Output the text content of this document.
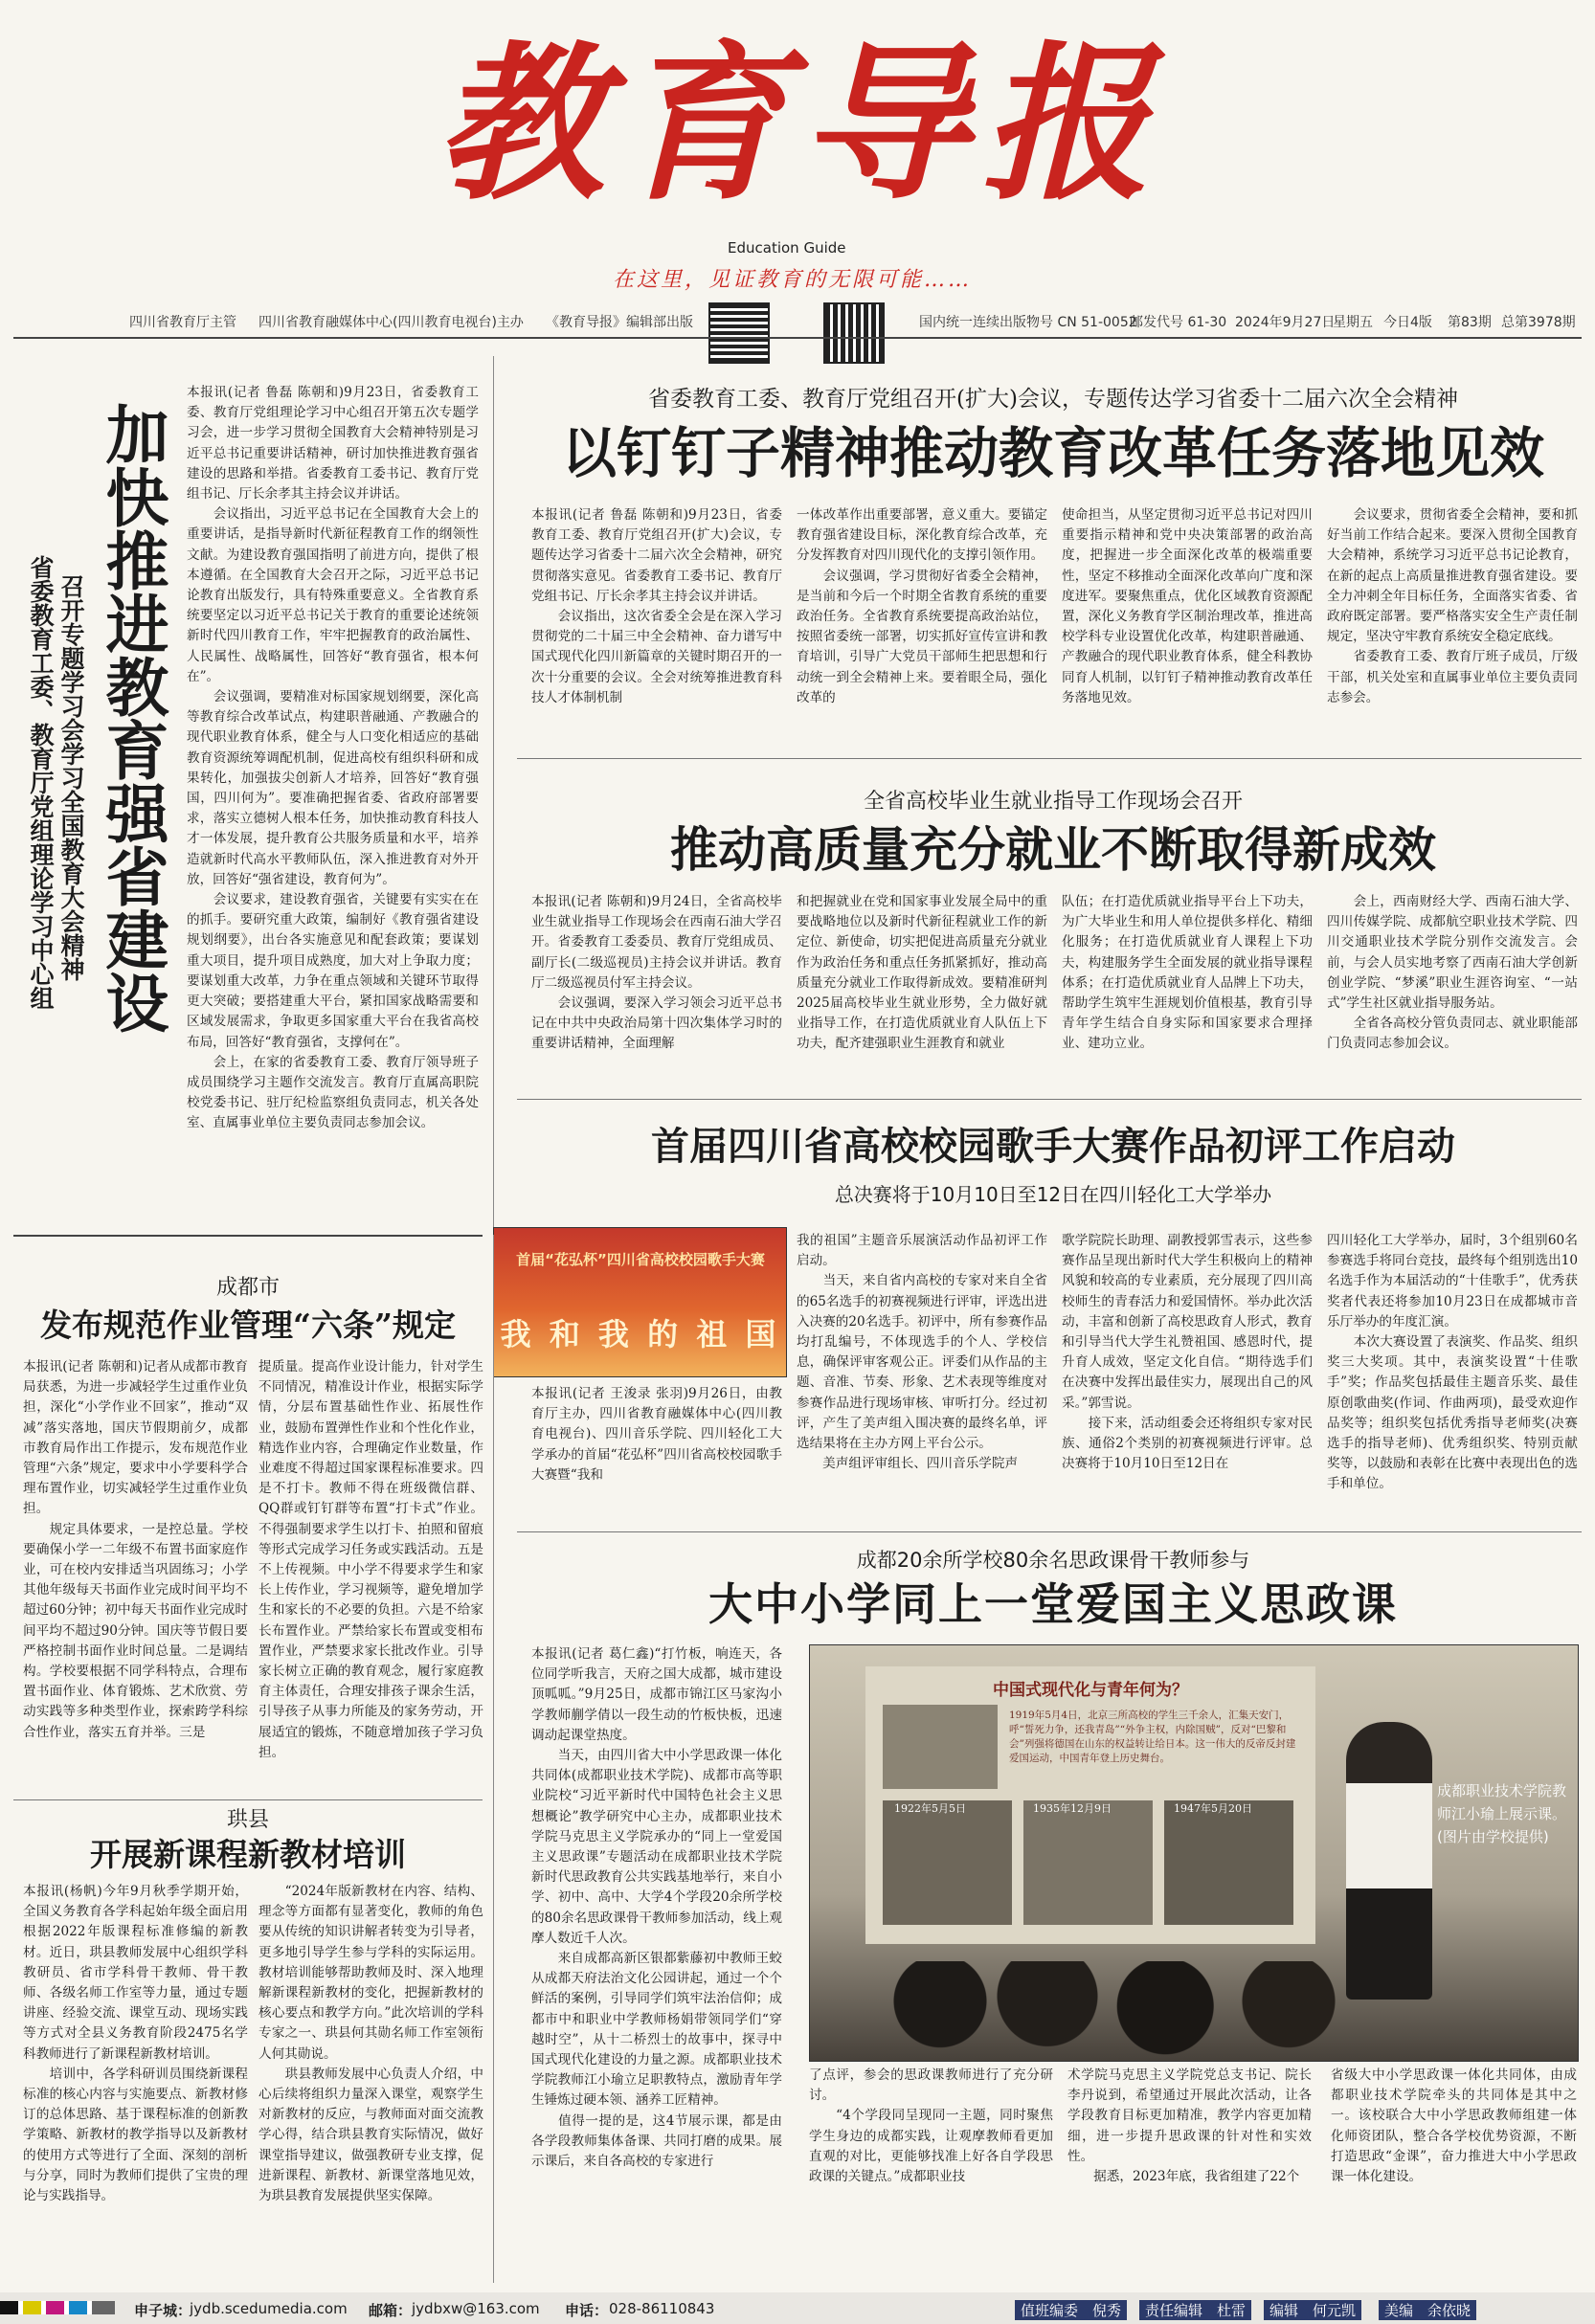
教育导报
Education Guide
在这里，见证教育的无限可能……
四川省教育厅主管 四川省教育融媒体中心(四川教育电视台)主办 《教育导报》编辑部出版	国内统一连续出版物号 CN 51-0052
邮发代号 61-30 2024年9月27日
星期五 今日4版 第83期 总第3978期
加快推进教育强省建设
召开专题学习会学习全国教育大会精神
省委教育工委、教育厅党组理论学习中心组
本报讯(记者 鲁磊 陈朝和)9月23日，省委教育工委、教育厅党组理论学习中心组召开第五次专题学习会，进一步学习贯彻全国教育大会精神特别是习近平总书记重要讲话精神，研讨加快推进教育强省建设的思路和举措。省委教育工委书记、教育厅党组书记、厅长余孝其主持会议并讲话。
　　会议指出，习近平总书记在全国教育大会上的重要讲话，是指导新时代新征程教育工作的纲领性文献。为建设教育强国指明了前进方向，提供了根本遵循。在全国教育大会召开之际，习近平总书记论教育出版发行，具有特殊重要意义。全省教育系统要坚定以习近平总书记关于教育的重要论述统领新时代四川教育工作，牢牢把握教育的政治属性、人民属性、战略属性，回答好“教育强省，根本何在”。
　　会议强调，要精准对标国家规划纲要，深化高等教育综合改革试点，构建职普融通、产教融合的现代职业教育体系，健全与人口变化相适应的基础教育资源统筹调配机制，促进高校有组织科研和成果转化，加强拔尖创新人才培养，回答好“教育强国，四川何为”。要准确把握省委、省政府部署要求，落实立德树人根本任务，加快推动教育科技人才一体发展，提升教育公共服务质量和水平，培养造就新时代高水平教师队伍，深入推进教育对外开放，回答好“强省建设，教育何为”。
　　会议要求，建设教育强省，关键要有实实在在的抓手。要研究重大政策，编制好《教育强省建设规划纲要》，出台各实施意见和配套政策；要谋划重大项目，提升项目成熟度，加大对上争取力度；要谋划重大改革，力争在重点领域和关键环节取得更大突破；要搭建重大平台，紧扣国家战略需要和区域发展需求，争取更多国家重大平台在我省高校布局，回答好“教育强省，支撑何在”。
　　会上，在家的省委教育工委、教育厅领导班子成员围绕学习主题作交流发言。教育厅直属高职院校党委书记、驻厅纪检监察组负责同志，机关各处室、直属事业单位主要负责同志参加会议。
省委教育工委、教育厅党组召开(扩大)会议，专题传达学习省委十二届六次全会精神
以钉钉子精神推动教育改革任务落地见效
本报讯(记者 鲁磊 陈朝和)9月23日，省委教育工委、教育厅党组召开(扩大)会议，专题传达学习省委十二届六次全会精神，研究贯彻落实意见。省委教育工委书记、教育厅党组书记、厅长余孝其主持会议并讲话。
　　会议指出，这次省委全会是在深入学习贯彻党的二十届三中全会精神、奋力谱写中国式现代化四川新篇章的关键时期召开的一次十分重要的会议。全会对统筹推进教育科技人才体制机制
一体改革作出重要部署，意义重大。要锚定教育强省建设目标，深化教育综合改革，充分发挥教育对四川现代化的支撑引领作用。
　　会议强调，学习贯彻好省委全会精神，是当前和今后一个时期全省教育系统的重要政治任务。全省教育系统要提高政治站位，按照省委统一部署，切实抓好宣传宣讲和教育培训，引导广大党员干部师生把思想和行动统一到全会精神上来。要着眼全局，强化改革的
使命担当，从坚定贯彻习近平总书记对四川重要指示精神和党中央决策部署的政治高度，把握进一步全面深化改革的极端重要性，坚定不移推动全面深化改革向广度和深度进军。要聚焦重点，优化区域教育资源配置，深化义务教育学区制治理改革，推进高校学科专业设置优化改革，构建职普融通、产教融合的现代职业教育体系，健全科教协同育人机制，以钉钉子精神推动教育改革任务落地见效。
　　会议要求，贯彻省委全会精神，要和抓好当前工作结合起来。要深入贯彻全国教育大会精神，系统学习习近平总书记论教育，在新的起点上高质量推进教育强省建设。要全力冲刺全年目标任务，全面落实省委、省政府既定部署。要严格落实安全生产责任制规定，坚决守牢教育系统安全稳定底线。
　　省委教育工委、教育厅班子成员，厅级干部，机关处室和直属事业单位主要负责同志参会。
全省高校毕业生就业指导工作现场会召开
推动高质量充分就业不断取得新成效
本报讯(记者 陈朝和)9月24日，全省高校毕业生就业指导工作现场会在西南石油大学召开。省委教育工委委员、教育厅党组成员、副厅长(二级巡视员)主持会议并讲话。教育厅二级巡视员付军主持会议。
　　会议强调，要深入学习领会习近平总书记在中共中央政治局第十四次集体学习时的重要讲话精神，全面理解
和把握就业在党和国家事业发展全局中的重要战略地位以及新时代新征程就业工作的新定位、新使命，切实把促进高质量充分就业作为政治任务和重点任务抓紧抓好，推动高质量充分就业工作取得新成效。要精准研判2025届高校毕业生就业形势，全力做好就业指导工作，在打造优质就业育人队伍上下功夫，配齐建强职业生涯教育和就业
队伍；在打造优质就业指导平台上下功夫，为广大毕业生和用人单位提供多样化、精细化服务；在打造优质就业育人课程上下功夫，构建服务学生全面发展的就业指导课程体系；在打造优质就业育人品牌上下功夫，帮助学生筑牢生涯规划价值根基，教育引导青年学生结合自身实际和国家要求合理择业、建功立业。
　　会上，西南财经大学、西南石油大学、四川传媒学院、成都航空职业技术学院、四川交通职业技术学院分别作交流发言。会前，与会人员实地考察了西南石油大学创新创业学院、“梦溪”职业生涯咨询室、“一站式”学生社区就业指导服务站。
　　全省各高校分管负责同志、就业职能部门负责同志参加会议。
首届四川省高校校园歌手大赛作品初评工作启动
总决赛将于10月10日至12日在四川轻化工大学举办
首届“花弘杯”四川省高校校园歌手大赛
我 和 我 的 祖 国
本报讯(记者 王浚录 张羽)9月26日，由教育厅主办，四川省教育融媒体中心(四川教育电视台)、四川音乐学院、四川轻化工大学承办的首届“花弘杯”四川省高校校园歌手大赛暨“我和
我的祖国”主题音乐展演活动作品初评工作启动。
　　当天，来自省内高校的专家对来自全省的65名选手的初赛视频进行评审，评选出进入决赛的20名选手。初评中，所有参赛作品均打乱编号，不体现选手的个人、学校信息，确保评审客观公正。评委们从作品的主题、音准、节奏、形象、艺术表现等维度对参赛作品进行现场审核、审听打分。经过初评，产生了美声组入围决赛的最终名单，评选结果将在主办方网上平台公示。
　　美声组评审组长、四川音乐学院声
歌学院院长助理、副教授郭雪表示，这些参赛作品呈现出新时代大学生积极向上的精神风貌和较高的专业素质，充分展现了四川高校师生的青春活力和爱国情怀。举办此次活动，丰富和创新了高校思政育人形式，教育和引导当代大学生礼赞祖国、感恩时代，提升育人成效，坚定文化自信。“期待选手们在决赛中发挥出最佳实力，展现出自己的风采。”郭雪说。
　　接下来，活动组委会还将组织专家对民族、通俗2个类别的初赛视频进行评审。总决赛将于10月10日至12日在
四川轻化工大学举办，届时，3个组别60名参赛选手将同台竞技，最终每个组别选出10名选手作为本届活动的“十佳歌手”，优秀获奖者代表还将参加10月23日在成都城市音乐厅举办的年度汇演。
　　本次大赛设置了表演奖、作品奖、组织奖三大奖项。其中，表演奖设置“十佳歌手”奖；作品奖包括最佳主题音乐奖、最佳原创歌曲奖(作词、作曲两项)，最受欢迎作品奖等；组织奖包括优秀指导老师奖(决赛选手的指导老师)、优秀组织奖、特别贡献奖等，以鼓励和表彰在比赛中表现出色的选手和单位。
成都20余所学校80余名思政课骨干教师参与
大中小学同上一堂爱国主义思政课
本报讯(记者 葛仁鑫)“打竹板，响连天，各位同学听我言，天府之国大成都，城市建设顶呱呱。”9月25日，成都市锦江区马家沟小学教师蒯学倩以一段生动的竹板快板，迅速调动起课堂热度。
　　当天，由四川省大中小学思政课一体化共同体(成都职业技术学院)、成都市高等职业院校“习近平新时代中国特色社会主义思想概论”教学研究中心主办，成都职业技术学院马克思主义学院承办的“同上一堂爱国主义思政课”专题活动在成都职业技术学院新时代思政教育公共实践基地举行，来自小学、初中、高中、大学4个学段20余所学校的80余名思政课骨干教师参加活动，线上观摩人数近千人次。
　　来自成都高新区银都紫藤初中教师王蛟从成都天府法治文化公园讲起，通过一个个鲜活的案例，引导同学们筑牢法治信仰；成都市中和职业中学教师杨娟带领同学们“穿越时空”，从十二桥烈士的故事中，探寻中国式现代化建设的力量之源。成都职业技术学院教师江小瑜立足职教特点，激励青年学生锤炼过硬本领、涵养工匠精神。
　　值得一提的是，这4节展示课，都是由各学段教师集体备课、共同打磨的成果。展示课后，来自各高校的专家进行
中国式现代化与青年何为？
1919年5月4日，北京三所高校的学生三千余人，汇集天安门，呼“誓死力争，还我青岛”“外争主权，内除国贼”，反对“巴黎和会”列强将德国在山东的权益转让给日本。这一伟大的反帝反封建爱国运动，中国青年登上历史舞台。
1922年5月5日	1935年12月9日	1947年5月20日
成都职业技术学院教师江小瑜上展示课。(图片由学校提供)
了点评，参会的思政课教师进行了充分研讨。
　　“4个学段同呈现同一主题，同时聚焦学生身边的成都实践，让观摩教师看更加直观的对比，更能够找准上好各自学段思政课的关键点。”成都职业技
术学院马克思主义学院党总支书记、院长李丹说到，希望通过开展此次活动，让各学段教育目标更加精准，教学内容更加精细，进一步提升思政课的针对性和实效性。
　　据悉，2023年底，我省组建了22个
省级大中小学思政课一体化共同体，由成都职业技术学院牵头的共同体是其中之一。该校联合大中小学思政教师组建一体化师资团队，整合各学校优势资源，不断打造思政“金课”，奋力推进大中小学思政课一体化建设。
成都市
发布规范作业管理“六条”规定
本报讯(记者 陈朝和)记者从成都市教育局获悉，为进一步减轻学生过重作业负担，深化“小学作业不回家”，推动“双减”落实落地，国庆节假期前夕，成都市教育局作出工作提示，发布规范作业管理“六条”规定，要求中小学要科学合理布置作业，切实减轻学生过重作业负担。
　　规定具体要求，一是控总量。学校要确保小学一二年级不布置书面家庭作业，可在校内安排适当巩固练习；小学其他年级每天书面作业完成时间平均不超过60分钟；初中每天书面作业完成时间平均不超过90分钟。国庆等节假日要严格控制书面作业时间总量。二是调结构。学校要根据不同学科特点，合理布置书面作业、体育锻炼、艺术欣赏、劳动实践等多种类型作业，探索跨学科综合性作业，落实五育并举。三是
提质量。提高作业设计能力，针对学生不同情况，精准设计作业，根据实际学情，分层布置基础性作业、拓展性作业，鼓励布置弹性作业和个性化作业，精选作业内容，合理确定作业数量，作业难度不得超过国家课程标准要求。四是不打卡。教师不得在班级微信群、QQ群或钉钉群等布置“打卡式”作业。不得强制要求学生以打卡、拍照和留痕等形式完成学习任务或实践活动。五是不上传视频。中小学不得要求学生和家长上传作业，学习视频等，避免增加学生和家长的不必要的负担。六是不给家长布置作业。严禁给家长布置或变相布置作业，严禁要求家长批改作业。引导家长树立正确的教育观念，履行家庭教育主体责任，合理安排孩子课余生活，引导孩子从事力所能及的家务劳动，开展适宜的锻炼，不随意增加孩子学习负担。
珙县
开展新课程新教材培训
本报讯(杨帆)今年9月秋季学期开始，全国义务教育各学科起始年级全面启用根据2022年版课程标准修编的新教材。近日，珙县教师发展中心组织学科教研员、省市学科骨干教师、骨干教师、各级名师工作室等力量，通过专题讲座、经验交流、课堂互动、现场实践等方式对全县义务教育阶段2475名学科教师进行了新课程新教材培训。
　　培训中，各学科研训员围绕新课程标准的核心内容与实施要点、新教材修订的总体思路、基于课程标准的创新教学策略、新教材的教学指导以及新教材的使用方式等进行了全面、深刻的剖析与分享，同时为教师们提供了宝贵的理论与实践指导。
　　“2024年版新教材在内容、结构、理念等方面都有显著变化，教师的角色要从传统的知识讲解者转变为引导者，更多地引导学生参与学科的实际运用。教材培训能够帮助教师及时、深入地理解新课程新教材的变化，把握新教材的核心要点和教学方向。”此次培训的学科专家之一、珙县何其勋名师工作室领衔人何其勋说。
　　珙县教师发展中心负责人介绍，中心后续将组织力量深入课堂，观察学生对新教材的反应，与教师面对面交流教学心得，结合珙县教育实际情况，做好课堂指导建议，做强教研专业支撑，促进新课程、新教材、新课堂落地见效，为珙县教育发展提供坚实保障。
申子城：
jydb.scedumedia.com 邮箱： jydbxw@163.com 申话： 028-86110843	值班编委　倪秀	责任编辑　杜雷	编辑　何元凯	美编　余依晓
